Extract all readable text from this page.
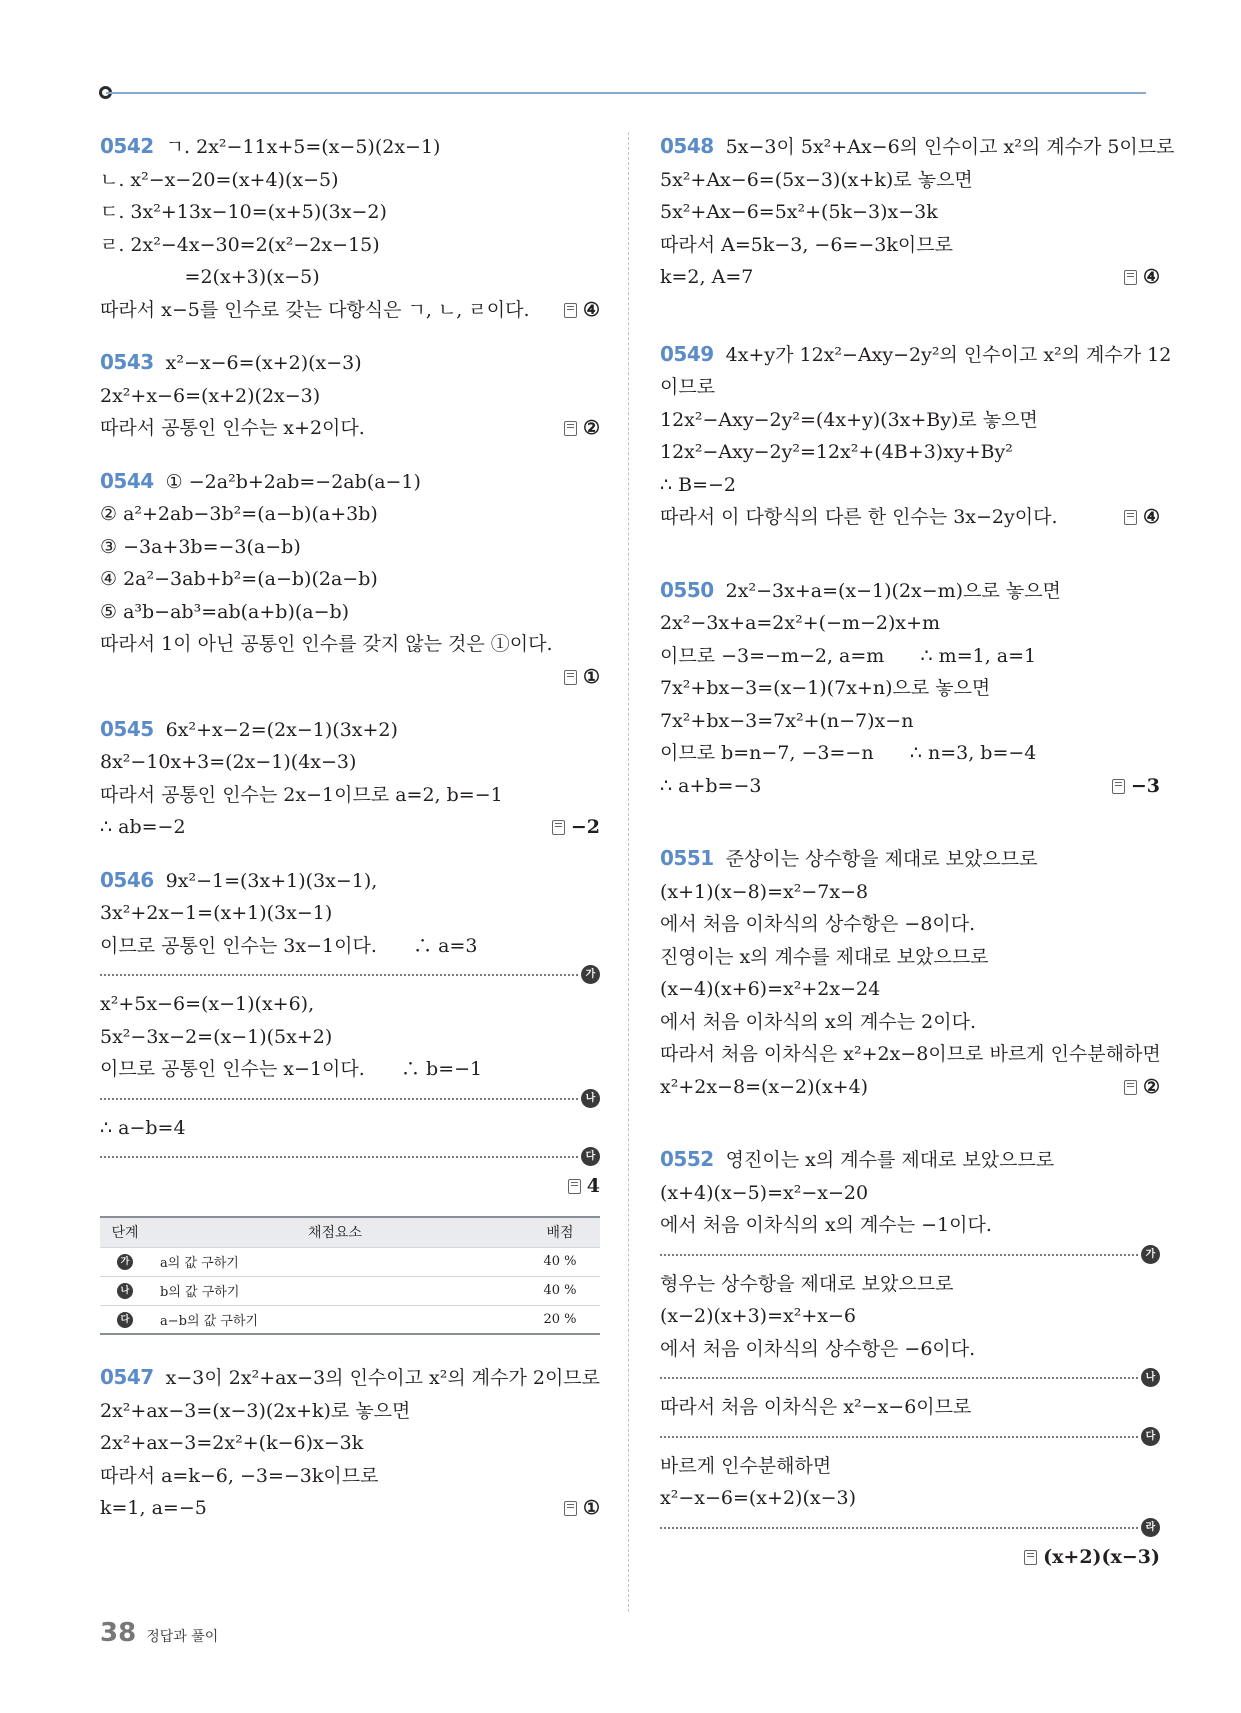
0542 ㄱ. 2x²−11x+5=(x−5)(2x−1)
ㄴ. x²−x−20=(x+4)(x−5)
ㄷ. 3x²+13x−10=(x+5)(3x−2)
ㄹ. 2x²−4x−30=2(x²−2x−15)
=2(x+3)(x−5)
따라서 x−5를 인수로 갖는 다항식은 ㄱ, ㄴ, ㄹ이다.	④
0543 x²−x−6=(x+2)(x−3)
2x²+x−6=(x+2)(2x−3)
따라서 공통인 인수는 x+2이다.	②
0544 ① −2a²b+2ab=−2ab(a−1)
② a²+2ab−3b²=(a−b)(a+3b)
③ −3a+3b=−3(a−b)
④ 2a²−3ab+b²=(a−b)(2a−b)
⑤ a³b−ab³=ab(a+b)(a−b)
따라서 1이 아닌 공통인 인수를 갖지 않는 것은 ①이다.
①
0545 6x²+x−2=(2x−1)(3x+2)
8x²−10x+3=(2x−1)(4x−3)
따라서 공통인 인수는 2x−1이므로 a=2, b=−1
∴ ab=−2	−2
0546 9x²−1=(3x+1)(3x−1),
3x²+2x−1=(x+1)(3x−1)
이므로 공통인 인수는 3x−1이다.      ∴ a=3
가
x²+5x−6=(x−1)(x+6),
5x²−3x−2=(x−1)(5x+2)
이므로 공통인 인수는 x−1이다.      ∴ b=−1
나
∴ a−b=4
다
4
단계	채점요소	배점
가	a의 값 구하기	40 %
나	b의 값 구하기	40 %
다	a−b의 값 구하기	20 %
0547 x−3이 2x²+ax−3의 인수이고 x²의 계수가 2이므로
2x²+ax−3=(x−3)(2x+k)로 놓으면
2x²+ax−3=2x²+(k−6)x−3k
따라서 a=k−6, −3=−3k이므로
k=1, a=−5	①
0548 5x−3이 5x²+Ax−6의 인수이고 x²의 계수가 5이므로
5x²+Ax−6=(5x−3)(x+k)로 놓으면
5x²+Ax−6=5x²+(5k−3)x−3k
따라서 A=5k−3, −6=−3k이므로
k=2, A=7	④
0549 4x+y가 12x²−Axy−2y²의 인수이고 x²의 계수가 12
이므로
12x²−Axy−2y²=(4x+y)(3x+By)로 놓으면
12x²−Axy−2y²=12x²+(4B+3)xy+By²
∴ B=−2
따라서 이 다항식의 다른 한 인수는 3x−2y이다.	④
0550 2x²−3x+a=(x−1)(2x−m)으로 놓으면
2x²−3x+a=2x²+(−m−2)x+m
이므로 −3=−m−2, a=m      ∴ m=1, a=1
7x²+bx−3=(x−1)(7x+n)으로 놓으면
7x²+bx−3=7x²+(n−7)x−n
이므로 b=n−7, −3=−n      ∴ n=3, b=−4
∴ a+b=−3	−3
0551 준상이는 상수항을 제대로 보았으므로
(x+1)(x−8)=x²−7x−8
에서 처음 이차식의 상수항은 −8이다.
진영이는 x의 계수를 제대로 보았으므로
(x−4)(x+6)=x²+2x−24
에서 처음 이차식의 x의 계수는 2이다.
따라서 처음 이차식은 x²+2x−8이므로 바르게 인수분해하면
x²+2x−8=(x−2)(x+4)	②
0552 영진이는 x의 계수를 제대로 보았으므로
(x+4)(x−5)=x²−x−20
에서 처음 이차식의 x의 계수는 −1이다.
가
형우는 상수항을 제대로 보았으므로
(x−2)(x+3)=x²+x−6
에서 처음 이차식의 상수항은 −6이다.
나
따라서 처음 이차식은 x²−x−6이므로
다
바르게 인수분해하면
x²−x−6=(x+2)(x−3)
라
(x+2)(x−3)
38 정답과 풀이
